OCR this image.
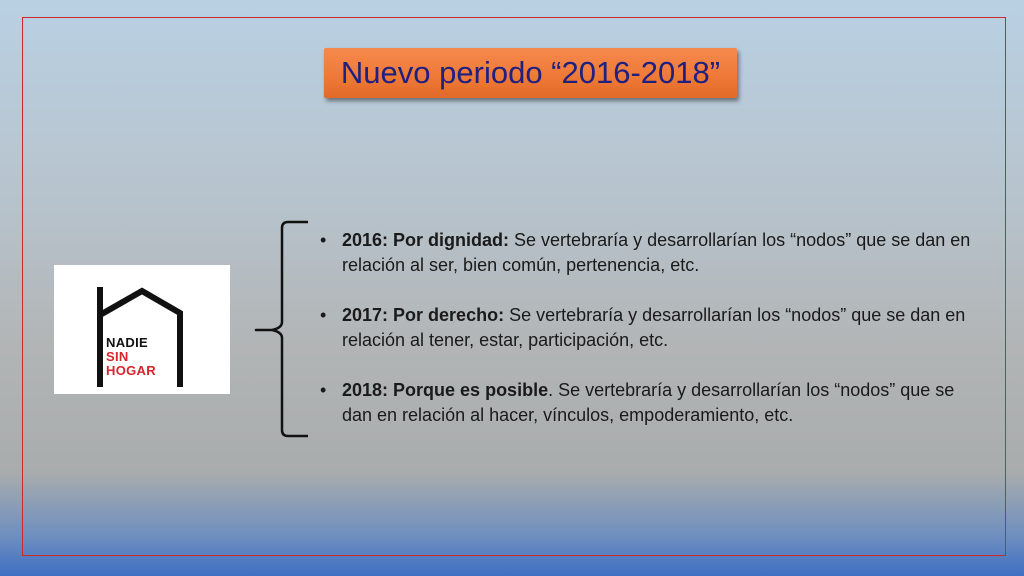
Nuevo periodo “2016-2018”
NADIE
SIN
HOGAR
• 2016: Por dignidad: Se vertebraría y desarrollarían los “nodos” que se dan en relación al ser, bien común, pertenencia, etc.
• 2017: Por derecho: Se vertebraría y desarrollarían los “nodos” que se dan en relación al tener, estar, participación, etc.
• 2018: Porque es posible. Se vertebraría y desarrollarían los “nodos” que se dan en relación al hacer, vínculos, empoderamiento, etc.
